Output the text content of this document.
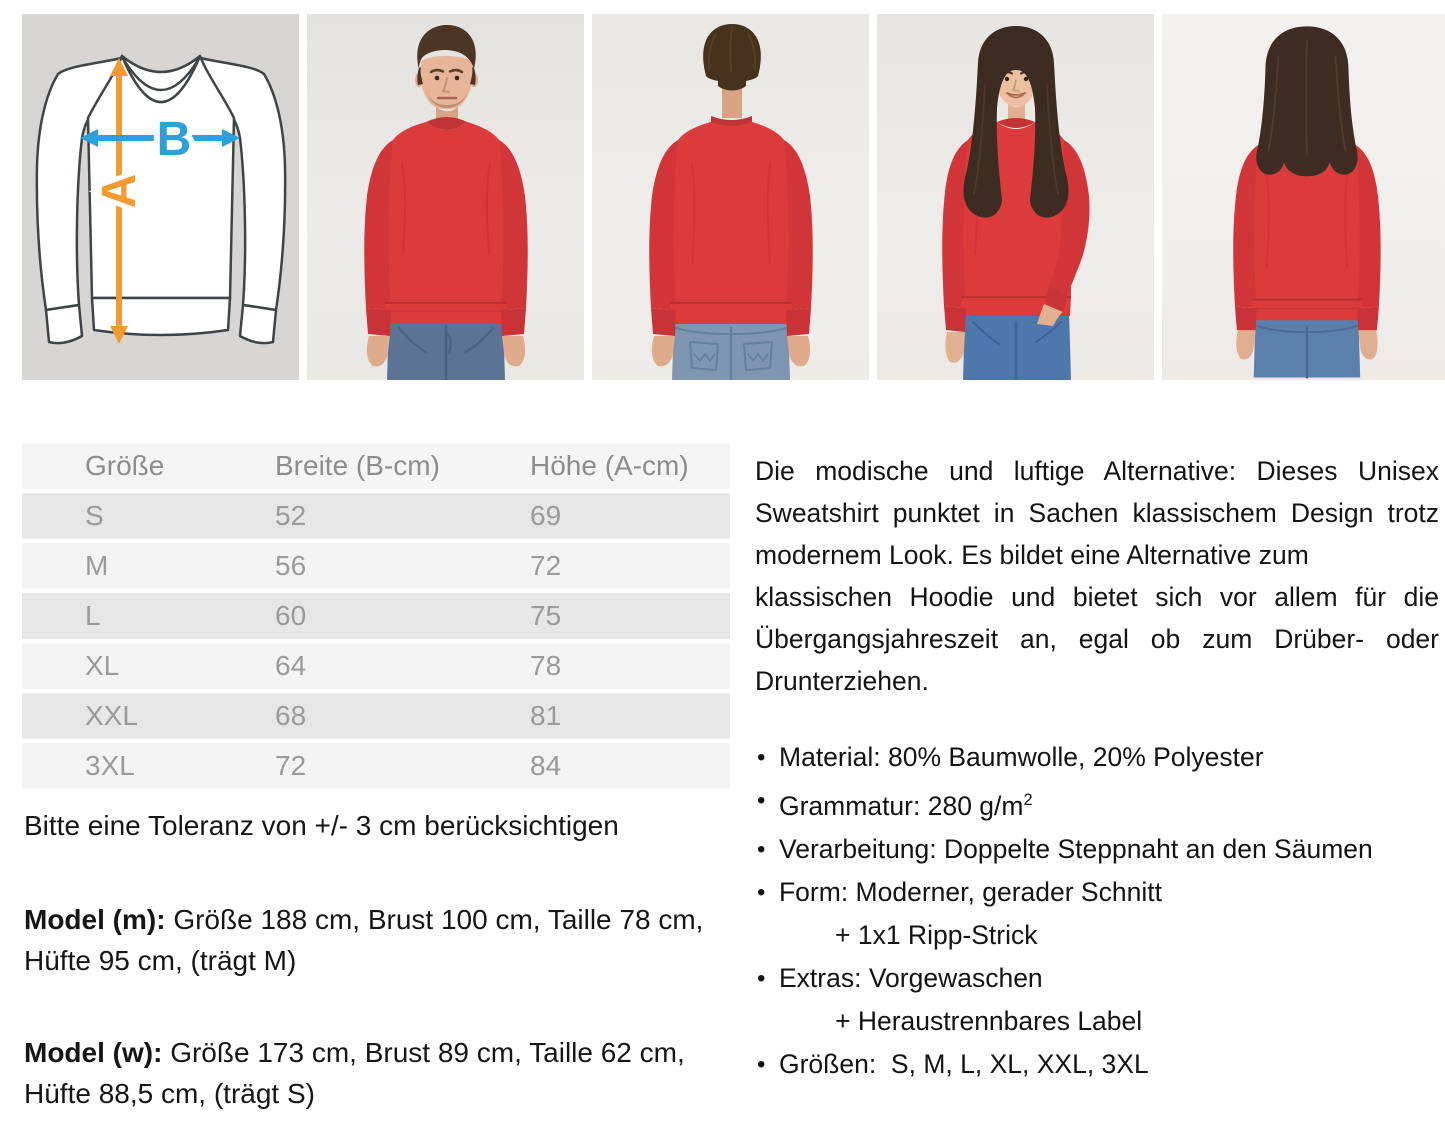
A
B
Größe	Breite (B-cm)	Höhe (A-cm)
S	52	69
M	56	72
L	60	75
XL	64	78
XXL	68	81
3XL	72	84
Bitte eine Toleranz von +/- 3 cm berücksichtigen
Model (m): Größe 188 cm, Brust 100 cm, Taille 78 cm,
Hüfte 95 cm, (trägt M)
Model (w): Größe 173 cm, Brust 89 cm, Taille 62 cm,
Hüfte 88,5 cm, (trägt S)
Die modische und luftige Alternative: Dieses Unisex
Sweatshirt punktet in Sachen klassischem Design trotz
modernem Look. Es bildet eine Alternative zum
klassischen Hoodie und bietet sich vor allem für die
Übergangsjahreszeit an, egal ob zum Drüber- oder
Drunterziehen.
• Material: 80% Baumwolle, 20% Polyester
• Grammatur: 280 $g/m^2$
• Verarbeitung: Doppelte Steppnaht an den Säumen
• Form: Moderner, gerader Schnitt
+ 1x1 Ripp-Strick
• Extras: Vorgewaschen
+ Heraustrennbares Label
• Größen:  S, M, L, XL, XXL, 3XL
